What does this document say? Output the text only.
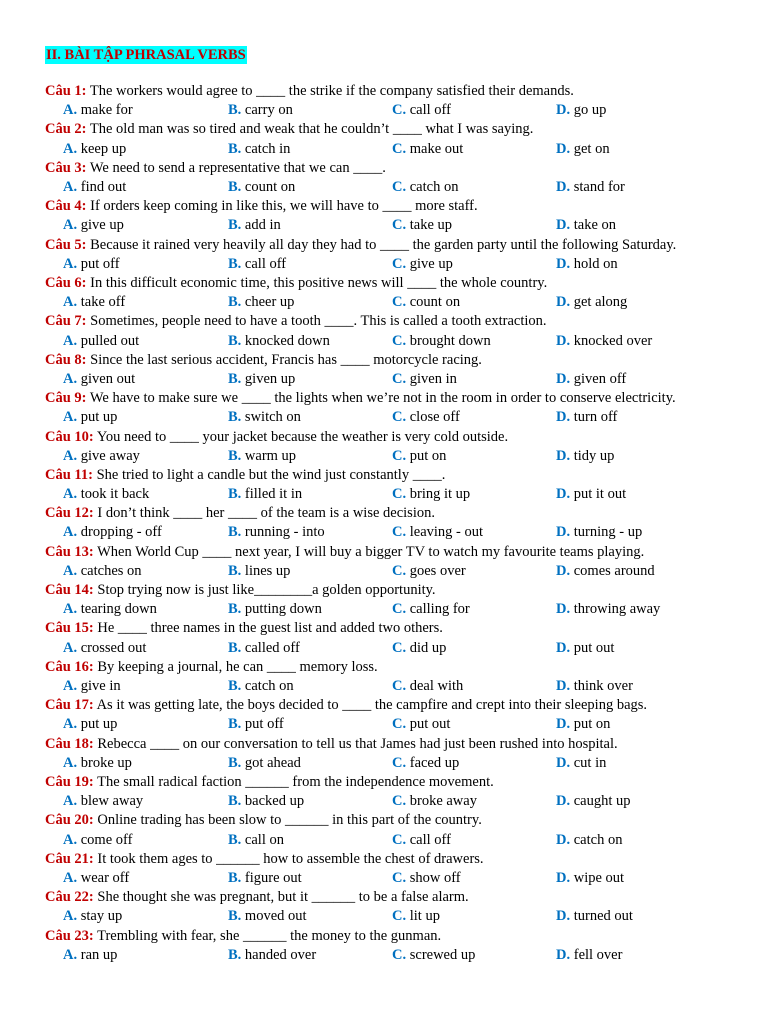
II. BÀI TẬP PHRASAL VERBS
Câu 1: The workers would agree to ____ the strike if the company satisfied their demands.
A. make for	B. carry on	C. call off	D. go up
Câu 2: The old man was so tired and weak that he couldn’t ____ what I was saying.
A. keep up	B. catch in	C. make out	D. get on
Câu 3: We need to send a representative that we can ____.
A. find out	B. count on	C. catch on	D. stand for
Câu 4: If orders keep coming in like this, we will have to ____ more staff.
A. give up	B. add in	C. take up	D. take on
Câu 5: Because it rained very heavily all day they had to ____ the garden party until the following Saturday.
A. put off	B. call off	C. give up	D. hold on
Câu 6: In this difficult economic time, this positive news will ____ the whole country.
A. take off	B. cheer up	C. count on	D. get along
Câu 7: Sometimes, people need to have a tooth ____. This is called a tooth extraction.
A. pulled out	B. knocked down	C. brought down	D. knocked over
Câu 8: Since the last serious accident, Francis has ____ motorcycle racing.
A. given out	B. given up	C. given in	D. given off
Câu 9: We have to make sure we ____ the lights when we’re not in the room in order to conserve electricity.
A. put up	B. switch on	C. close off	D. turn off
Câu 10: You need to ____ your jacket because the weather is very cold outside.
A. give away	B. warm up	C. put on	D. tidy up
Câu 11: She tried to light a candle but the wind just constantly ____.
A. took it back	B. filled it in	C. bring it up	D. put it out
Câu 12: I don’t think ____ her ____ of the team is a wise decision.
A. dropping - off	B. running - into	C. leaving - out	D. turning - up
Câu 13: When World Cup ____ next year, I will buy a bigger TV to watch my favourite teams playing.
A. catches on	B. lines up	C. goes over	D. comes around
Câu 14: Stop trying now is just like________a golden opportunity.
A. tearing down	B. putting down	C. calling for	D. throwing away
Câu 15: He ____ three names in the guest list and added two others.
A. crossed out	B. called off	C. did up	D. put out
Câu 16: By keeping a journal, he can ____ memory loss.
A. give in	B. catch on	C. deal with	D. think over
Câu 17: As it was getting late, the boys decided to ____ the campfire and crept into their sleeping bags.
A. put up	B. put off	C. put out	D. put on
Câu 18: Rebecca ____ on our conversation to tell us that James had just been rushed into hospital.
A. broke up	B. got ahead	C. faced up	D. cut in
Câu 19: The small radical faction ______ from the independence movement.
A. blew away	B. backed up	C. broke away	D. caught up
Câu 20: Online trading has been slow to ______ in this part of the country.
A. come off	B. call on	C. call off	D. catch on
Câu 21: It took them ages to ______ how to assemble the chest of drawers.
A. wear off	B. figure out	C. show off	D. wipe out
Câu 22: She thought she was pregnant, but it ______ to be a false alarm.
A. stay up	B. moved out	C. lit up	D. turned out
Câu 23: Trembling with fear, she ______ the money to the gunman.
A. ran up	B. handed over	C. screwed up	D. fell over
